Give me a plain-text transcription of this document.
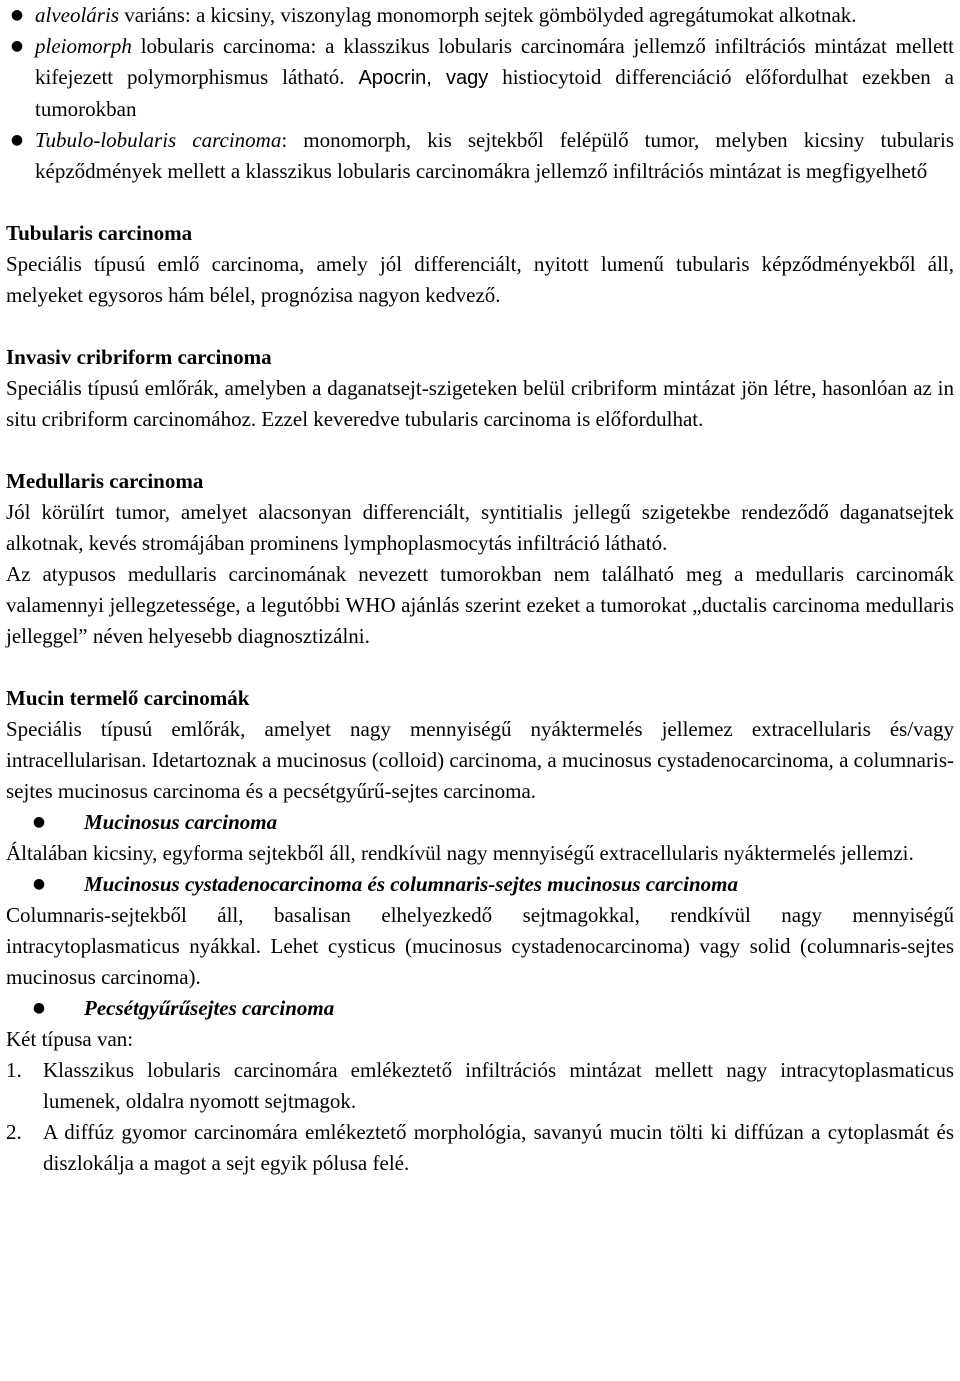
● alveoláris variáns: a kicsiny, viszonylag monomorph sejtek gömbölyded agregátumokat alkotnak.
● pleiomorph lobularis carcinoma: a klasszikus lobularis carcinomára jellemző infiltrációs mintázat mellett kifejezett polymorphismus látható. Apocrin, vagy histiocytoid differenciáció előfordulhat ezekben a tumorokban
● Tubulo-lobularis carcinoma: monomorph, kis sejtekből felépülő tumor, melyben kicsiny tubularis képződmények mellett a klasszikus lobularis carcinomákra jellemző infiltrációs mintázat is megfigyelhető

Tubularis carcinoma

Speciális típusú emlő carcinoma, amely jól differenciált, nyitott lumenű tubularis képződményekből áll, melyeket egysoros hám bélel, prognózisa nagyon kedvező.

Invasiv cribriform carcinoma

Speciális típusú emlőrák, amelyben a daganatsejt-szigeteken belül cribriform mintázat jön létre, hasonlóan az in situ cribriform carcinomához. Ezzel keveredve tubularis carcinoma is előfordulhat.

Medullaris carcinoma

Jól körülírt tumor, amelyet alacsonyan differenciált, syntitialis jellegű szigetekbe rendeződő daganatsejtek alkotnak, kevés stromájában prominens lymphoplasmocytás infiltráció látható.

Az atypusos medullaris carcinomának nevezett tumorokban nem található meg a medullaris carcinomák valamennyi jellegzetessége, a legutóbbi WHO ajánlás szerint ezeket a tumorokat „ductalis carcinoma medullaris jelleggel” néven helyesebb diagnosztizálni.

Mucin termelő carcinomák

Speciális típusú emlőrák, amelyet nagy mennyiségű nyáktermelés jellemez extracellularis és/vagy intracellularisan. Idetartoznak a mucinosus (colloid) carcinoma, a mucinosus cystadenocarcinoma, a columnaris-sejtes mucinosus carcinoma és a pecsétgyűrű-sejtes carcinoma.

● Mucinosus carcinoma

Általában kicsiny, egyforma sejtekből áll, rendkívül nagy mennyiségű extracellularis nyáktermelés jellemzi.

● Mucinosus cystadenocarcinoma és columnaris-sejtes mucinosus carcinoma

Columnaris-sejtekből áll, basalisan elhelyezkedő sejtmagokkal, rendkívül nagy mennyiségű intracytoplasmaticus nyákkal. Lehet cysticus (mucinosus cystadenocarcinoma) vagy solid (columnaris-sejtes mucinosus carcinoma).

● Pecsétgyűrűsejtes carcinoma

Két típusa van:

1. Klasszikus lobularis carcinomára emlékeztető infiltrációs mintázat mellett nagy intracytoplasmaticus lumenek, oldalra nyomott sejtmagok.
2. A diffúz gyomor carcinomára emlékeztető morphológia, savanyú mucin tölti ki diffúzan a cytoplasmát és diszlokálja a magot a sejt egyik pólusa felé.
